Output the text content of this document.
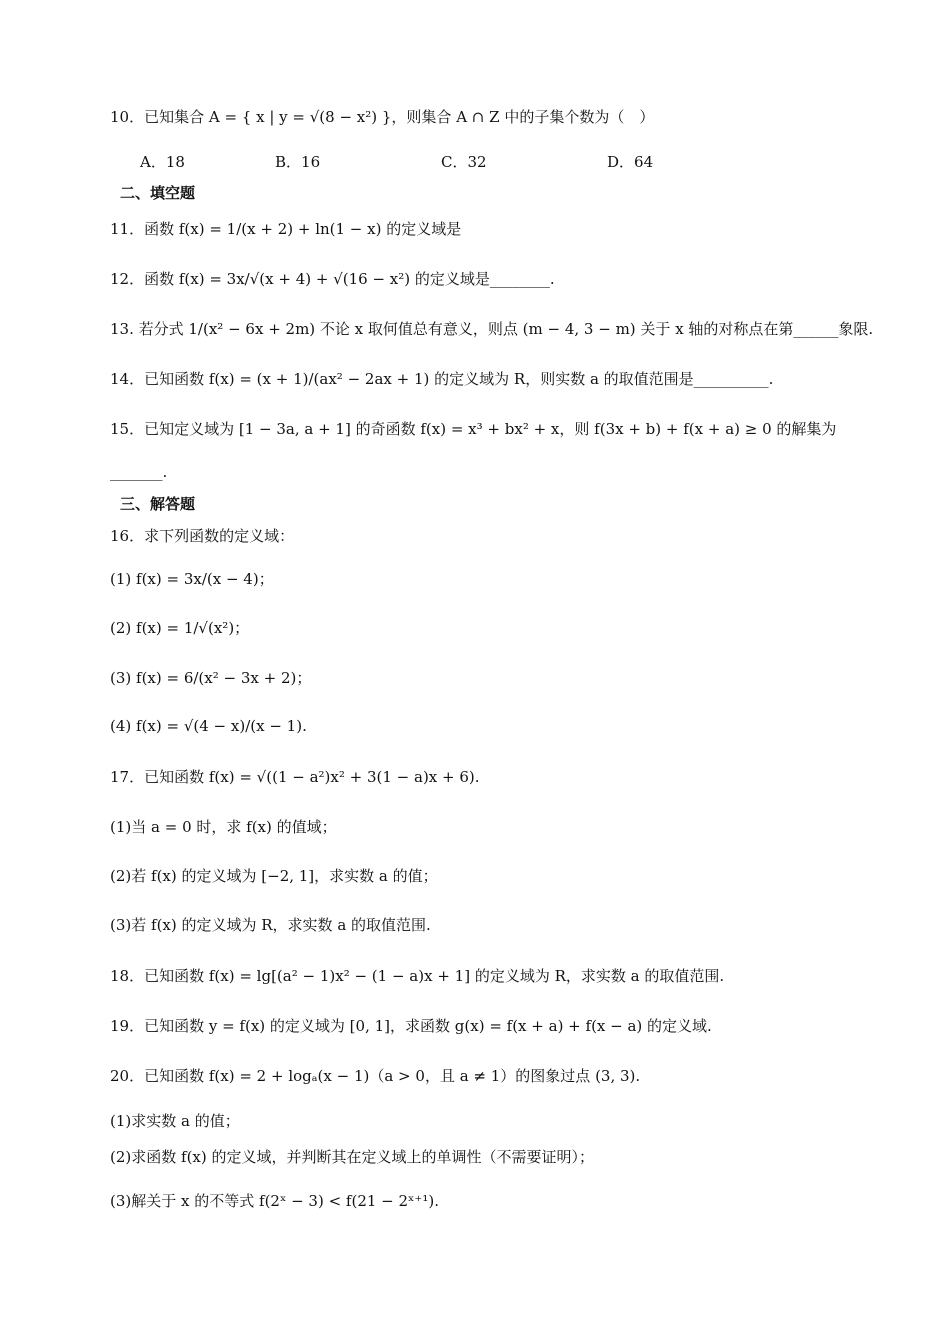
10．已知集合 A = { x | y = √(8 − x²) }，则集合 A ∩ Z 中的子集个数为（　）
A．18	B．16	C．32	D．64
二、填空题
11．函数 f(x) = 1/(x + 2) + ln(1 − x) 的定义域是
12．函数 f(x) = 3x/√(x + 4) + √(16 − x²) 的定义域是________.
13. 若分式 1/(x² − 6x + 2m) 不论 x 取何值总有意义，则点 (m − 4, 3 − m) 关于 x 轴的对称点在第______象限.
14．已知函数 f(x) = (x + 1)/(ax² − 2ax + 1) 的定义域为 R，则实数 a 的取值范围是__________.
15．已知定义域为 [1 − 3a, a + 1] 的奇函数 f(x) = x³ + bx² + x，则 f(3x + b) + f(x + a) ≥ 0 的解集为
_______.
三、解答题
16．求下列函数的定义域：
(1) f(x) = 3x/(x − 4)；
(2) f(x) = 1/√(x²)；
(3) f(x) = 6/(x² − 3x + 2)；
(4) f(x) = √(4 − x)/(x − 1).
17．已知函数 f(x) = √((1 − a²)x² + 3(1 − a)x + 6).
(1)当 a = 0 时，求 f(x) 的值域；
(2)若 f(x) 的定义域为 [−2, 1]，求实数 a 的值；
(3)若 f(x) 的定义域为 R，求实数 a 的取值范围.
18．已知函数 f(x) = lg[(a² − 1)x² − (1 − a)x + 1] 的定义域为 R，求实数 a 的取值范围.
19．已知函数 y = f(x) 的定义域为 [0, 1]，求函数 g(x) = f(x + a) + f(x − a) 的定义域.
20．已知函数 f(x) = 2 + logₐ(x − 1)（a > 0，且 a ≠ 1）的图象过点 (3, 3).
(1)求实数 a 的值；
(2)求函数 f(x) 的定义域，并判断其在定义域上的单调性（不需要证明）；
(3)解关于 x 的不等式 f(2ˣ − 3) < f(21 − 2ˣ⁺¹).
